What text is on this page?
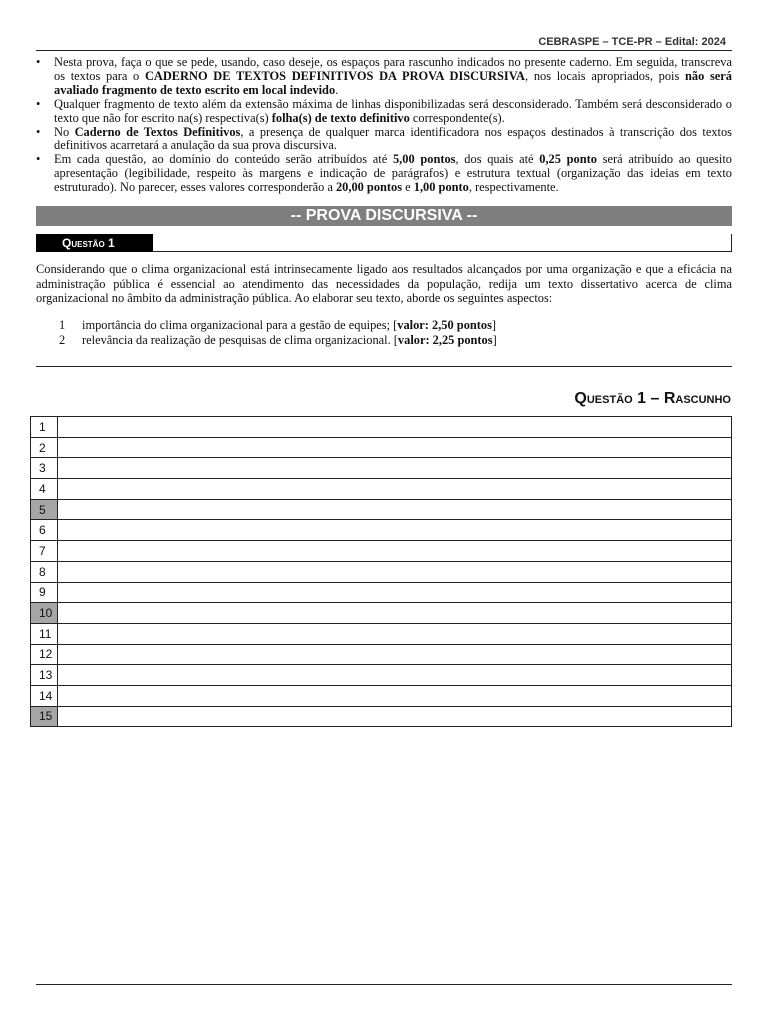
CEBRASPE – TCE-PR – Edital: 2024
• Nesta prova, faça o que se pede, usando, caso deseje, os espaços para rascunho indicados no presente caderno. Em seguida, transcreva os textos para o CADERNO DE TEXTOS DEFINITIVOS DA PROVA DISCURSIVA, nos locais apropriados, pois não será avaliado fragmento de texto escrito em local indevido.
• Qualquer fragmento de texto além da extensão máxima de linhas disponibilizadas será desconsiderado. Também será desconsiderado o texto que não for escrito na(s) respectiva(s) folha(s) de texto definitivo correspondente(s).
• No Caderno de Textos Definitivos, a presença de qualquer marca identificadora nos espaços destinados à transcrição dos textos definitivos acarretará a anulação da sua prova discursiva.
• Em cada questão, ao domínio do conteúdo serão atribuídos até 5,00 pontos, dos quais até 0,25 ponto será atribuído ao quesito apresentação (legibilidade, respeito às margens e indicação de parágrafos) e estrutura textual (organização das ideias em texto estruturado). No parecer, esses valores corresponderão a 20,00 pontos e 1,00 ponto, respectivamente.
-- PROVA DISCURSIVA --
Questão 1

Considerando que o clima organizacional está intrinsecamente ligado aos resultados alcançados por uma organização e que a eficácia na administração pública é essencial ao atendimento das necessidades da população, redija um texto dissertativo acerca de clima organizacional no âmbito da administração pública. Ao elaborar seu texto, aborde os seguintes aspectos:

1 importância do clima organizacional para a gestão de equipes; [valor: 2,50 pontos]
2 relevância da realização de pesquisas de clima organizacional. [valor: 2,25 pontos]
Questão 1 – Rascunho
1	
2	
3	
4	
5	
6	
7	
8	
9	
10	
11	
12	
13	
14	
15	
